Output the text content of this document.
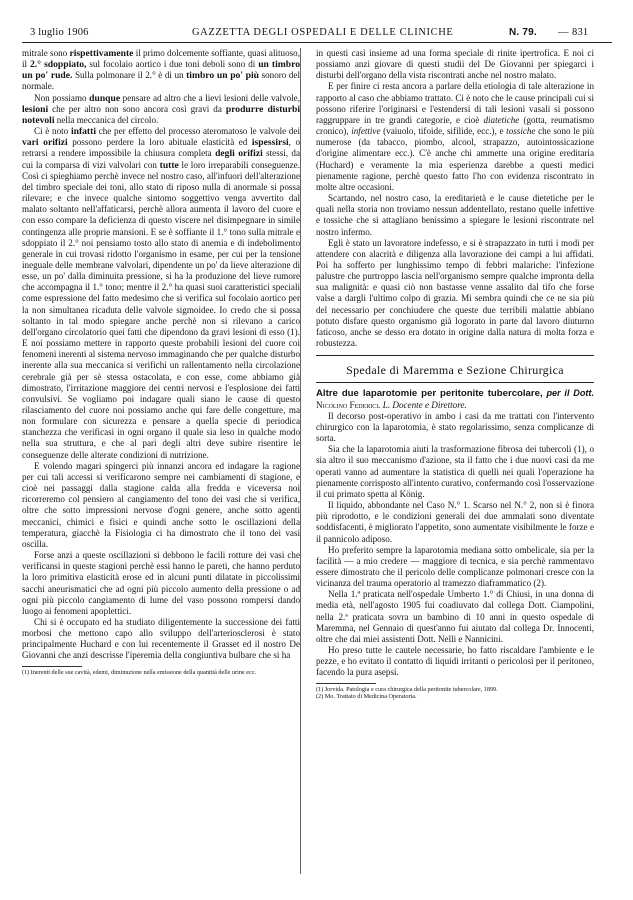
3 luglio 1906	GAZZETTA DEGLI OSPEDALI E DELLE CLINICHE	N. 79. — 831

mitrale sono rispettivamente il primo dolcemente soffiante, quasi alituoso, il 2.° sdoppiato, sul focolaio aortico i due toni deboli sono di un timbro un po' rude. Sulla polmonare il 2.° è di un timbro un po' più sonoro del normale.

Non possiamo dunque pensare ad altro che a lievi lesioni delle valvole, lesioni che per altro non sono ancora così gravi da produrre disturbi notevoli nella meccanica del circolo.

Ci è noto infatti che per effetto del processo ateromatoso le valvole dei vari orifizi possono perdere la loro abituale elasticità ed ispessirsi, o retrarsi a rendere impossibile la chiusura completa degli orifizi stessi, da cui la comparsa di vizi valvolari con tutte le loro irreparabili conseguenze. Così ci spieghiamo perchè invece nel nostro caso, all'infuori dell'alterazione del timbro speciale dei toni, allo stato di riposo nulla di anormale si possa rilevare; e che invece qualche sintomo soggettivo venga avvertito dal malato soltanto nell'affaticarsi, perchè allora aumenta il lavoro del cuore e con esso compare la deficienza di questo viscere nel disimpegnare in simile contingenza alle proprie mansioni. E se è soffiante il 1.° tono sulla mitrale e sdoppiato il 2.° noi pensiamo tosto allo stato di anemia e di indebolimento generale in cui trovasi ridotto l'organismo in esame, per cui per la tensione ineguale delle membrane valvolari, dipendente un po' da lieve alterazione di esse, un po' dalla diminuita pressione, si ha la produzione del lieve rumore che accompagna il 1.° tono; mentre il 2.° ha quasi suoi caratteristici speciali come espressione del fatto medesimo che si verifica sul focolaio aortico per la non simultanea ricaduta delle valvole sigmoidee. Io credo che si possa soltanto in tal modo spiegare anche perchè non si rilevano a carico dell'organo circolatorio quei fatti che dipendono da gravi lesioni di esso (1). E noi possiamo mettere in rapporto queste probabili lesioni del cuore coi fenomeni inerenti al sistema nervoso immaginando che per qualche disturbo inerente alla sua meccanica si verifichi un rallentamento nella circolazione cerebrale già per sè stessa ostacolata, e con esse, come abbiamo già dimostrato, l'irritazione maggiore dei centri nervosi e l'esplosione dei fatti convulsivi. Se vogliamo poi indagare quali siano le cause di questo rilasciamento del cuore noi possiamo anche qui fare delle congetture, ma non formulare con sicurezza e pensare a quella specie di periodica stanchezza che verificasi in ogni organo il quale sia leso in qualche modo nella sua struttura, e che al pari degli altri deve subire risentire le conseguenze delle alterate condizioni di nutrizione.

E volendo magari spingerci più innanzi ancora ed indagare la ragione per cui tali accessi si verificarono sempre nei cambiamenti di stagione, e cioè nei passaggi dalla stagione calda alla fredda e viceversa noi ricorreremo col pensiero al cangiamento del tono dei vasi che si verifica, oltre che sotto impressioni nervose d'ogni genere, anche sotto agenti meccanici, chimici e fisici e quindi anche sotto le oscillazioni della temperatura, giacchè la Fisiologia ci ha dimostrato che il tono dei vasi oscilla.

Forse anzi a queste oscillazioni si debbono le facili rotture dei vasi che verificansi in queste stagioni perchè essi hanno le pareti, che hanno perduto la loro primitiva elasticità erose ed in alcuni punti dilatate in piccolissimi sacchi aneurismatici che ad ogni più piccolo aumento della pressione o ad ogni più piccolo cangiamento di lume del vaso possono rompersi dando luogo ai fenomeni apoplettici.

Chi si è occupato ed ha studiato diligentemente la successione dei fatti morbosi che mettono capo allo sviluppo dell'arteriosclerosi è stato principalmente Huchard e con lui recentemente il Grasset ed il nostro De Giovanni che anzi descrisse l'iperemia della congiuntiva bulbare che si ha

(1) Inerenti delle sue cavità, edemi, diminuzione nella emissione della quantità delle urine ecc.

in questi casi insieme ad una forma speciale di rinite ipertrofica. E noi ci possiamo anzi giovare di questi studii del De Giovanni per spiegarci i disturbi dell'organo della vista riscontrati anche nel nostro malato.

E per finire ci resta ancora a parlare della etiologia di tale alterazione in rapporto al caso che abbiamo trattato. Ci è noto che le cause principali cui si possono riferire l'originarsi e l'estendersi di tali lesioni vasali si possono raggruppare in tre grandi categorie, e cioè diatetiche (gotta, reumatismo cronico), infettive (vaiuolo, tifoide, sifilide, ecc.), e tossiche che sono le più numerose (da tabacco, piombo, alcool, strapazzo, autointossicazione d'origine alimentare ecc.). C'è anche chi ammette una origine ereditaria (Huchard) e veramente la mia esperienza darebbe a questi medici pienamente ragione, perchè questo fatto l'ho con evidenza riscontrato in molte altre occasioni.

Scartando, nel nostro caso, la ereditarietà e le cause dietetiche per le quali nella storia non troviamo nessun addentellato, restano quelle infettive e tossiche che si attagliano benissimo a spiegare le lesioni riscontrate nel nostro infermo.

Egli è stato un lavoratore indefesso, e si è strapazzato in tutti i modi per attendere con alacrità e diligenza alla lavorazione dei campi a lui affidati. Poi ha sofferto per lunghissimo tempo di febbri malariche: l'infezione palustre che purtroppo lascia nell'organismo sempre qualche impronta della sua malignità: e quasi ciò non bastasse venne assalito dal tifo che forse valse a dargli l'ultimo colpo di grazia. Mi sembra quindi che ce ne sia più del necessario per conchiudere che queste due terribili malattie abbiano potuto disfare questo organismo già logorato in parte dal lavoro diuturno faticoso, anche se desso era dotato in origine dalla natura di molta forza e robustezza.

Spedale di Maremma e Sezione Chirurgica

Altre due laparotomie per peritonite tubercolare, per il Dott. Nicolino Federici. L. Docente e Direttore.

Il decorso post-operativo in ambo i casi da me trattati con l'intervento chirurgico con la laparotomia, è stato regolarissimo, senza complicanze di sorta.

Sia che la laparotomia aiuti la trasformazione fibrosa dei tubercoli (1), o sia altro il suo meccanismo d'azione, sta il fatto che i due nuovi casi da me operati vanno ad aumentare la statistica di quelli nei quali l'operazione ha pienamente corrisposto all'intento curativo, confermando così l'osservazione il cui primato spetta al König.

Il liquido, abbondante nel Caso N.° 1. Scarso nel N.° 2, non si è finora più riprodotto, e le condizioni generali dei due ammalati sono diventate soddisfacenti, è migliorato l'appetito, sono aumentate visibilmente le forze e il pannicolo adiposo.

Ho preferito sempre la laparotomia mediana sotto ombelicale, sia per la facilità — a mio credere — maggiore di tecnica, e sia perchè rammentavo essere dimostrato che il pericolo delle complicanze polmonari cresce con la vicinanza del trauma operatorio al tramezzo diaframmatico (2).

Nella 1.ª praticata nell'ospedale Umberto 1.° di Chiusi, in una donna di media età, nell'agosto 1905 fui coadiuvato dal collega Dott. Ciampolini, nella 2.ª praticata sovra un bambino di 10 anni in questo ospedale di Maremma, nel Gennaio di quest'anno fui aiutato dal collega Dr. Innocenti, oltre che dai miei assistenti Dott. Nelli e Nannicini.

Ho preso tutte le cautele necessarie, ho fatto riscaldare l'ambiente e le pezze, e ho evitato il contatto di liquidi irritanti o pericolosi per il peritoneo, facendo la pura asepsi.

(1) Jorvida. Patologia e cura chirurgica della peritonite tubercolare, 1899.

(2) Mo. Trattato di Medicina Operatoria.
